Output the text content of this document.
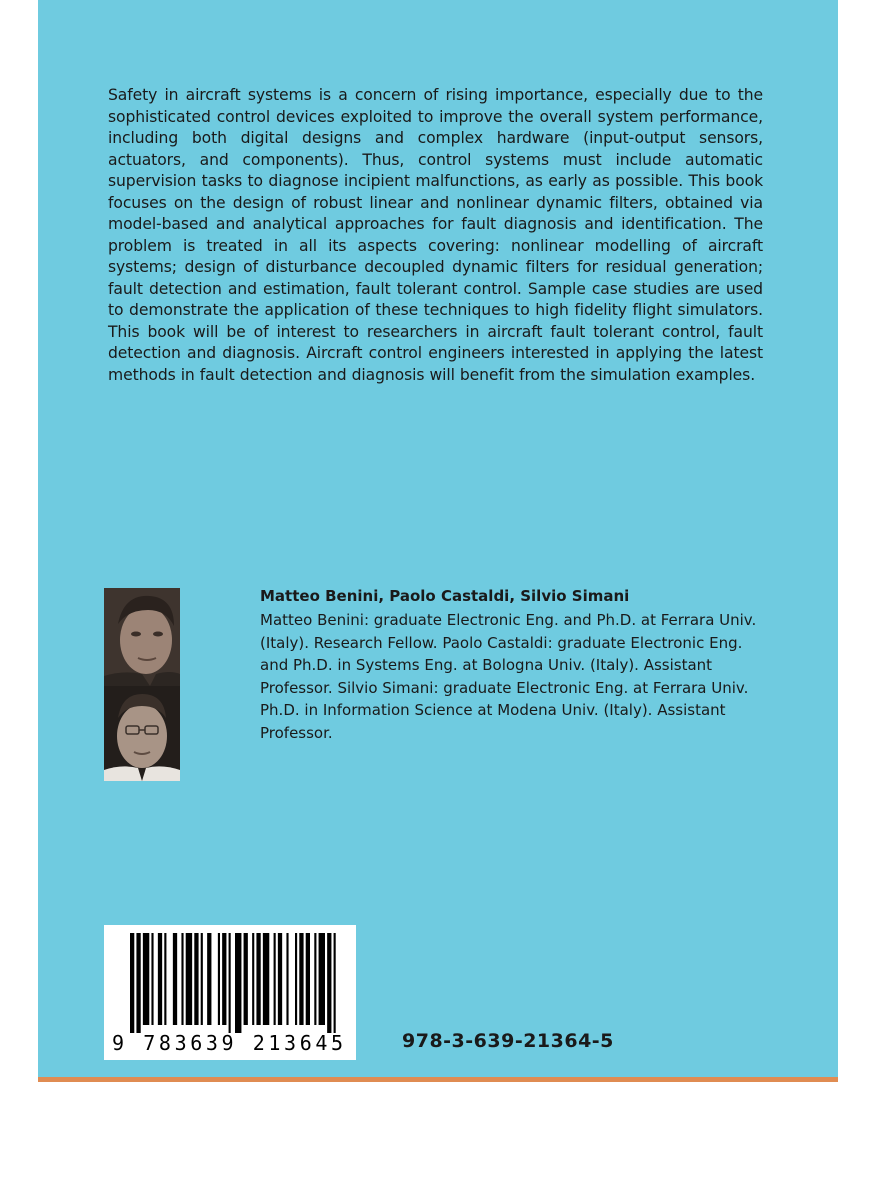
Safety in aircraft systems is a concern of rising importance, especially due to the sophisticated control devices exploited to improve the overall system performance, including both digital designs and complex hardware (input-output sensors, actuators, and components). Thus, control systems must include automatic supervision tasks to diagnose incipient malfunctions, as early as possible. This book focuses on the design of robust linear and nonlinear dynamic filters, obtained via model-based and analytical approaches for fault diagnosis and identification. The problem is treated in all its aspects covering: nonlinear modelling of aircraft systems; design of disturbance decoupled dynamic filters for residual generation; fault detection and estimation, fault tolerant control. Sample case studies are used to demonstrate the application of these techniques to high fidelity flight simulators. This book will be of interest to researchers in aircraft fault tolerant control, fault detection and diagnosis. Aircraft control engineers interested in applying the latest methods in fault detection and diagnosis will benefit from the simulation examples.

Matteo Benini, Paolo Castaldi, Silvio Simani

Matteo Benini: graduate Electronic Eng. and Ph.D. at Ferrara Univ. (Italy). Research Fellow. Paolo Castaldi: graduate Electronic Eng. and Ph.D. in Systems Eng. at Bologna Univ. (Italy). Assistant Professor. Silvio Simani: graduate Electronic Eng. at Ferrara Univ. Ph.D. in Information Science at Modena Univ. (Italy). Assistant Professor.

9 783639 213645	978-3-639-21364-5
